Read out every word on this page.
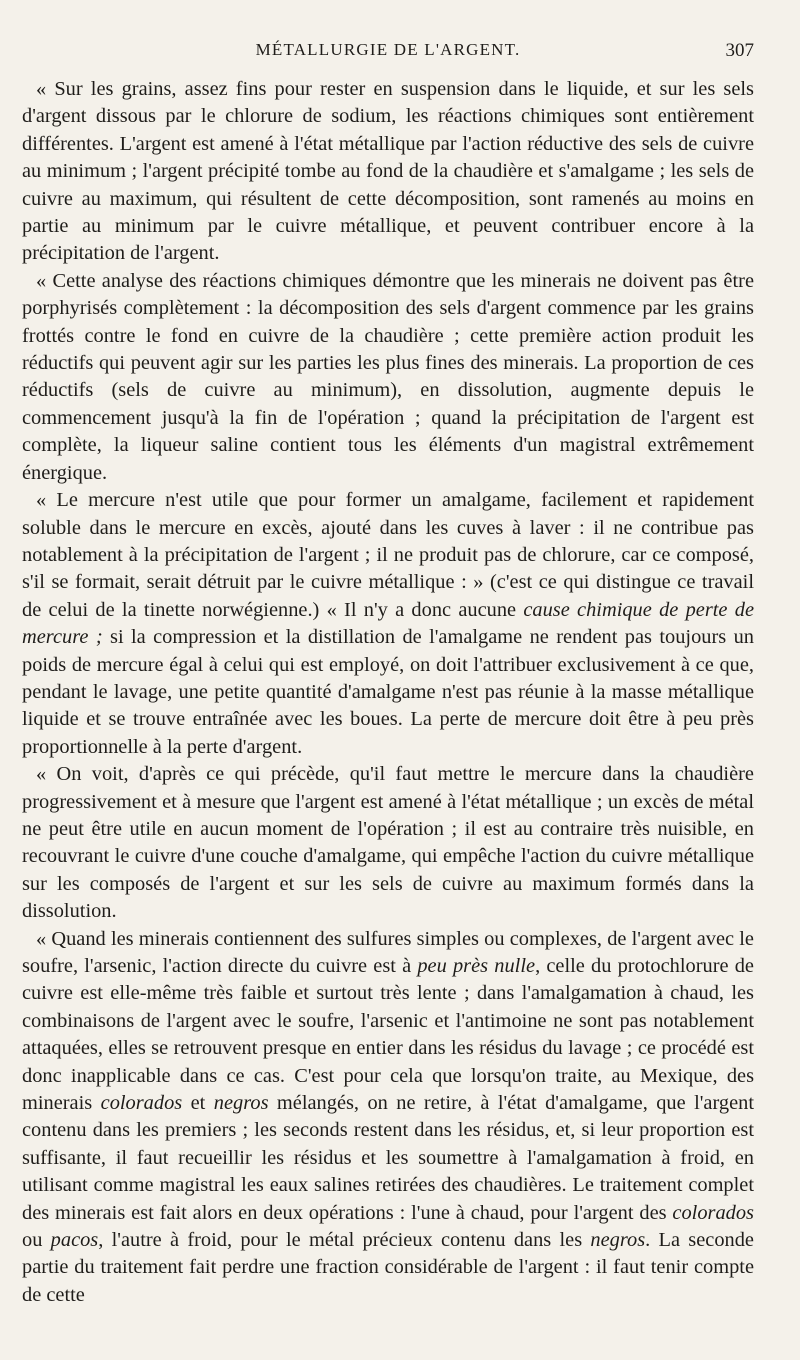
MÉTALLURGIE DE L'ARGENT.	307

« Sur les grains, assez fins pour rester en suspension dans le liquide, et sur les sels d'argent dissous par le chlorure de sodium, les réactions chimiques sont entièrement différentes. L'argent est amené à l'état métallique par l'action réductive des sels de cuivre au minimum ; l'argent précipité tombe au fond de la chaudière et s'amalgame ; les sels de cuivre au maximum, qui résultent de cette décomposition, sont ramenés au moins en partie au minimum par le cuivre métallique, et peuvent contribuer encore à la précipitation de l'argent.

« Cette analyse des réactions chimiques démontre que les minerais ne doivent pas être porphyrisés complètement : la décomposition des sels d'argent commence par les grains frottés contre le fond en cuivre de la chaudière ; cette première action produit les réductifs qui peuvent agir sur les parties les plus fines des minerais. La proportion de ces réductifs (sels de cuivre au minimum), en dissolution, augmente depuis le commencement jusqu'à la fin de l'opération ; quand la précipitation de l'argent est complète, la liqueur saline contient tous les éléments d'un magistral extrêmement énergique.

« Le mercure n'est utile que pour former un amalgame, facilement et rapidement soluble dans le mercure en excès, ajouté dans les cuves à laver : il ne contribue pas notablement à la précipitation de l'argent ; il ne produit pas de chlorure, car ce composé, s'il se formait, serait détruit par le cuivre métallique : » (c'est ce qui distingue ce travail de celui de la tinette norwégienne.) « Il n'y a donc aucune cause chimique de perte de mercure ; si la compression et la distillation de l'amalgame ne rendent pas toujours un poids de mercure égal à celui qui est employé, on doit l'attribuer exclusivement à ce que, pendant le lavage, une petite quantité d'amalgame n'est pas réunie à la masse métallique liquide et se trouve entraînée avec les boues. La perte de mercure doit être à peu près proportionnelle à la perte d'argent.

« On voit, d'après ce qui précède, qu'il faut mettre le mercure dans la chaudière progressivement et à mesure que l'argent est amené à l'état métallique ; un excès de métal ne peut être utile en aucun moment de l'opération ; il est au contraire très nuisible, en recouvrant le cuivre d'une couche d'amalgame, qui empêche l'action du cuivre métallique sur les composés de l'argent et sur les sels de cuivre au maximum formés dans la dissolution.

« Quand les minerais contiennent des sulfures simples ou complexes, de l'argent avec le soufre, l'arsenic, l'action directe du cuivre est à peu près nulle, celle du protochlorure de cuivre est elle-même très faible et surtout très lente ; dans l'amalgamation à chaud, les combinaisons de l'argent avec le soufre, l'arsenic et l'antimoine ne sont pas notablement attaquées, elles se retrouvent presque en entier dans les résidus du lavage ; ce procédé est donc inapplicable dans ce cas. C'est pour cela que lorsqu'on traite, au Mexique, des minerais colorados et negros mélangés, on ne retire, à l'état d'amalgame, que l'argent contenu dans les premiers ; les seconds restent dans les résidus, et, si leur proportion est suffisante, il faut recueillir les résidus et les soumettre à l'amalgamation à froid, en utilisant comme magistral les eaux salines retirées des chaudières. Le traitement complet des minerais est fait alors en deux opérations : l'une à chaud, pour l'argent des colorados ou pacos, l'autre à froid, pour le métal précieux contenu dans les negros. La seconde partie du traitement fait perdre une fraction considérable de l'argent : il faut tenir compte de cette
